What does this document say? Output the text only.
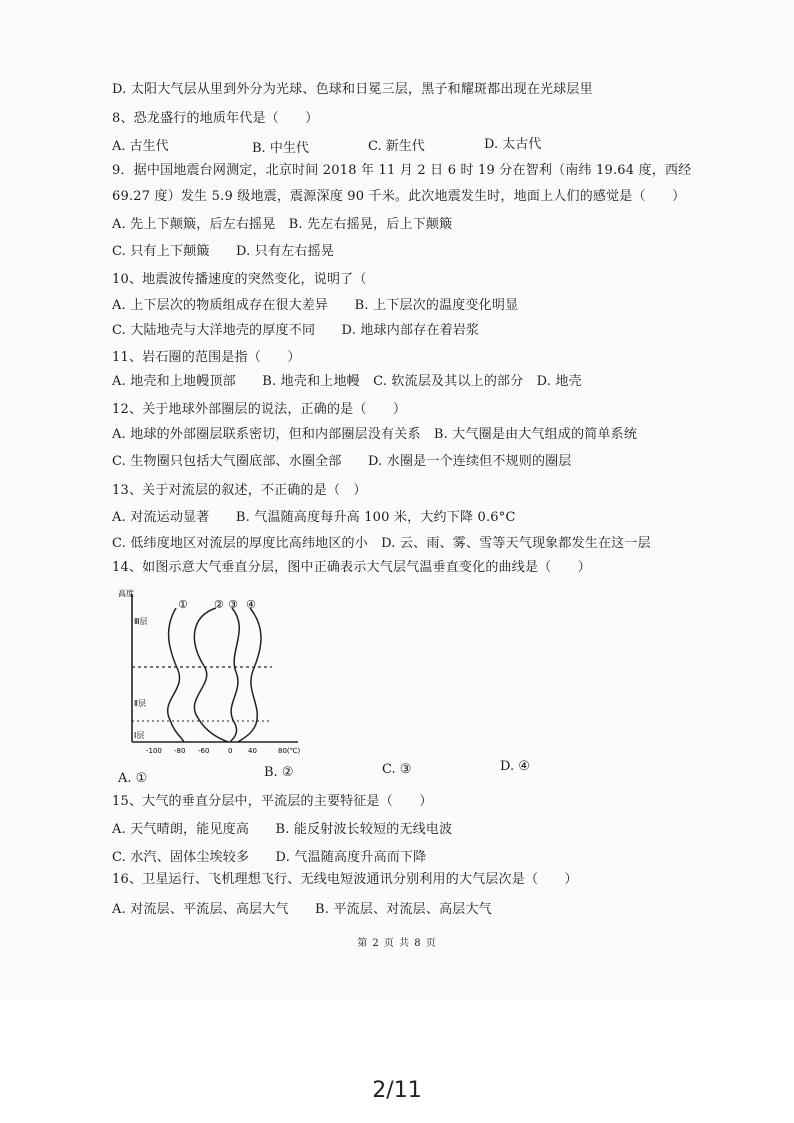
D. 太阳大气层从里到外分为光球、色球和日冕三层，黑子和耀斑都出现在光球层里
8、恐龙盛行的地质年代是（　　）
A. 古生代	B. 中生代	C. 新生代	D. 太古代
9．据中国地震台网测定，北京时间 2018 年 11 月 2 日 6 时 19 分在智利（南纬 19.64 度，西经
69.27 度）发生 5.9 级地震，震源深度 90 千米。此次地震发生时，地面上人们的感觉是（　　）
A. 先上下颠簸，后左右摇晃　B. 先左右摇晃，后上下颠簸
C. 只有上下颠簸　　D. 只有左右摇晃
10、地震波传播速度的突然变化，说明了（
A. 上下层次的物质组成存在很大差异　　B. 上下层次的温度变化明显
C. 大陆地壳与大洋地壳的厚度不同　　D. 地球内部存在着岩浆
11、岩石圈的范围是指（　　）
A. 地壳和上地幔顶部　　B. 地壳和上地幔　C. 软流层及其以上的部分　D. 地壳
12、关于地球外部圈层的说法，正确的是（　　）
A. 地球的外部圈层联系密切，但和内部圈层没有关系　B. 大气圈是由大气组成的简单系统
C. 生物圈只包括大气圈底部、水圈全部　　D. 水圈是一个连续但不规则的圈层
13、关于对流层的叙述，不正确的是（　）
A. 对流运动显著　　B. 气温随高度每升高 100 米，大约下降 0.6°C
C. 低纬度地区对流层的厚度比高纬地区的小　D. 云、雨、雾、雪等天气现象都发生在这一层
14、如图示意大气垂直分层，图中正确表示大气层气温垂直变化的曲线是（　　）
高度
Ⅲ层
Ⅱ层
Ⅰ层
① ② ③ ④
-100 -80 -60	0 40	80(℃)
A. ①	B. ②	C. ③	D. ④
15、大气的垂直分层中，平流层的主要特征是（　　）
A. 天气晴朗，能见度高　　B. 能反射波长较短的无线电波
C. 水汽、固体尘埃较多　　D. 气温随高度升高而下降
16、卫星运行、飞机理想飞行、无线电短波通讯分别利用的大气层次是（　　）
A. 对流层、平流层、高层大气　　B. 平流层、对流层、高层大气
第 2 页 共 8 页
2/11
